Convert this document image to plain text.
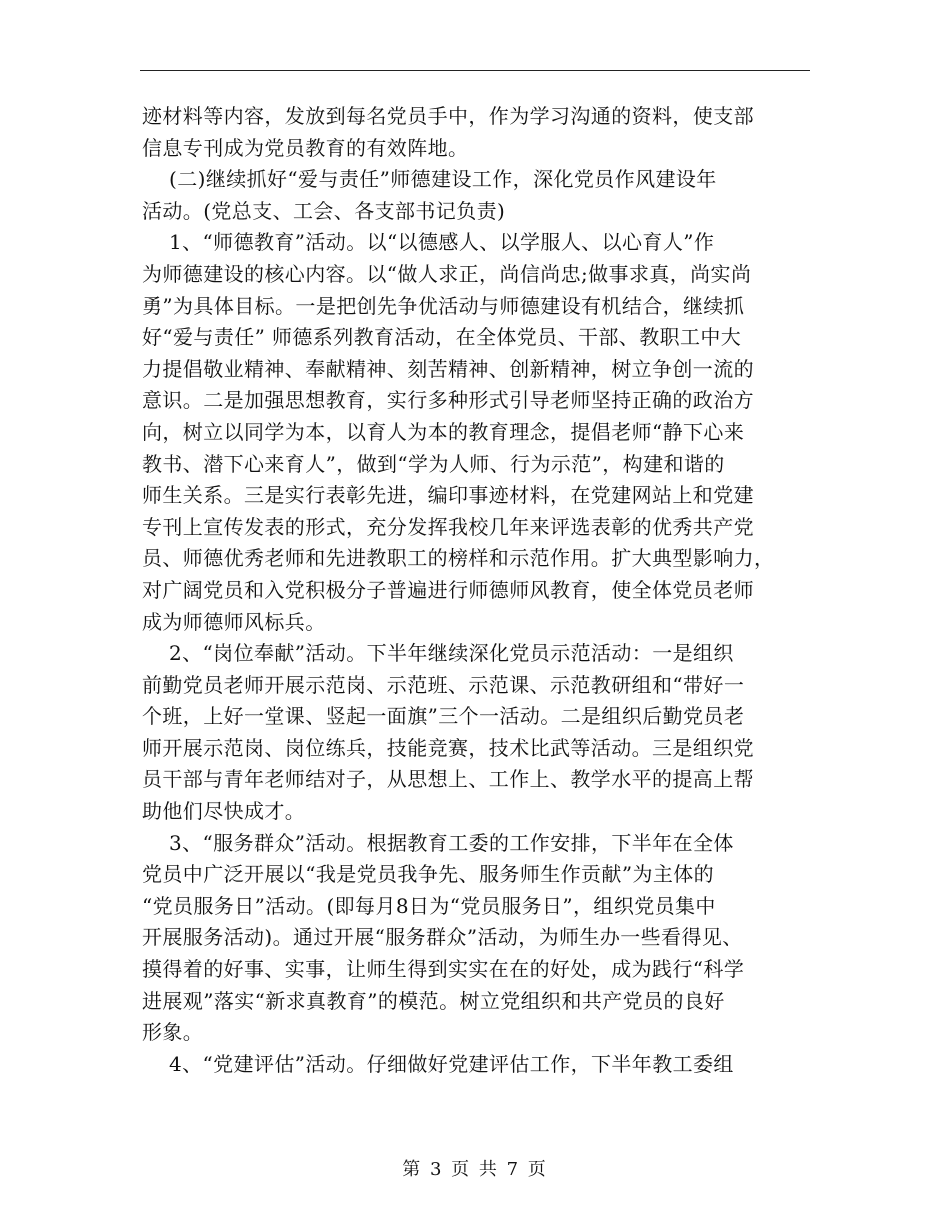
迹材料等内容，发放到每名党员手中，作为学习沟通的资料，使支部
信息专刊成为党员教育的有效阵地。
(二)继续抓好“爱与责任”师德建设工作，深化党员作风建设年
活动。(党总支、工会、各支部书记负责)
1、“师德教育”活动。以“以德感人、以学服人、以心育人”作
为师德建设的核心内容。以“做人求正，尚信尚忠;做事求真，尚实尚
勇”为具体目标。一是把创先争优活动与师德建设有机结合，继续抓
好“爱与责任” 师德系列教育活动，在全体党员、干部、教职工中大
力提倡敬业精神、奉献精神、刻苦精神、创新精神，树立争创一流的
意识。二是加强思想教育，实行多种形式引导老师坚持正确的政治方
向，树立以同学为本，以育人为本的教育理念，提倡老师“静下心来
教书、潜下心来育人”，做到“学为人师、行为示范”，构建和谐的
师生关系。三是实行表彰先进，编印事迹材料，在党建网站上和党建
专刊上宣传发表的形式，充分发挥我校几年来评选表彰的优秀共产党
员、师德优秀老师和先进教职工的榜样和示范作用。扩大典型影响力，
对广阔党员和入党积极分子普遍进行师德师风教育，使全体党员老师
成为师德师风标兵。
2、“岗位奉献”活动。下半年继续深化党员示范活动：一是组织
前勤党员老师开展示范岗、示范班、示范课、示范教研组和“带好一
个班，上好一堂课、竖起一面旗”三个一活动。二是组织后勤党员老
师开展示范岗、岗位练兵，技能竞赛，技术比武等活动。三是组织党
员干部与青年老师结对子，从思想上、工作上、教学水平的提高上帮
助他们尽快成才。
3、“服务群众”活动。根据教育工委的工作安排，下半年在全体
党员中广泛开展以“我是党员我争先、服务师生作贡献”为主体的
“党员服务日”活动。(即每月8日为“党员服务日”，组织党员集中
开展服务活动)。通过开展“服务群众”活动，为师生办一些看得见、
摸得着的好事、实事，让师生得到实实在在的好处，成为践行“科学
进展观”落实“新求真教育”的模范。树立党组织和共产党员的良好
形象。
4、“党建评估”活动。仔细做好党建评估工作，下半年教工委组
第 3 页 共 7 页
